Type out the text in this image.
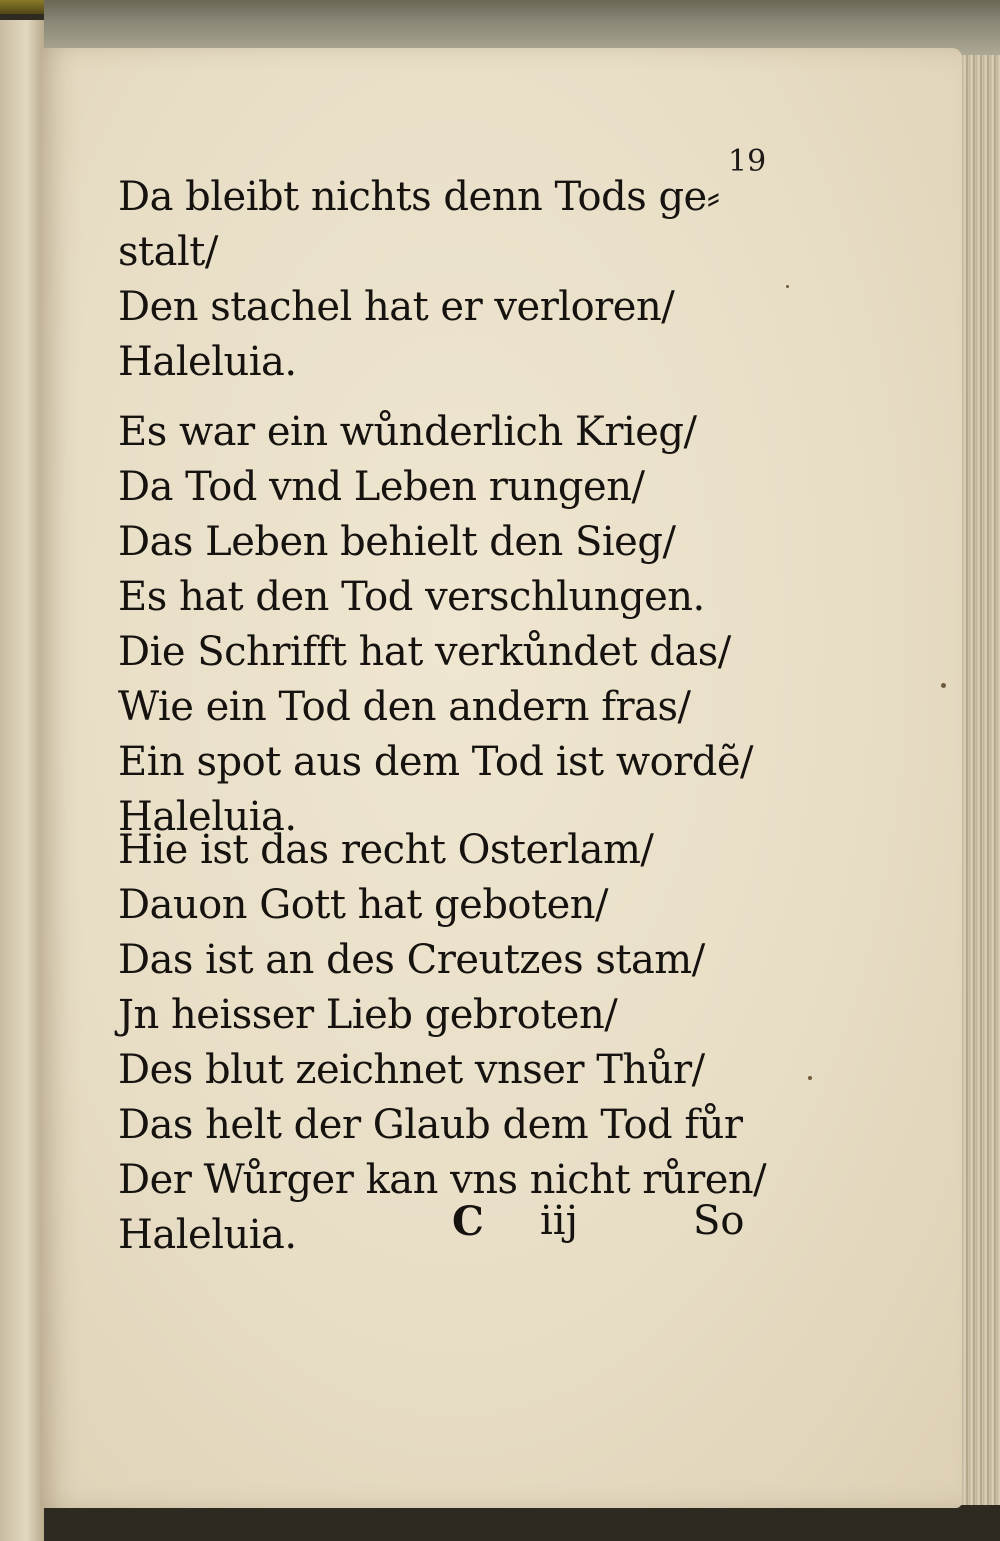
19
Da bleibt nichts denn Tods ge⸗
stalt/
Den stachel hat er verloren/
Haleluia.
Es war ein wůnderlich Krieg/
Da Tod vnd Leben rungen/
Das Leben behielt den Sieg/
Es hat den Tod verschlungen.
Die Schrifft hat verkůndet das/
Wie ein Tod den andern fras/
Ein spot aus dem Tod ist wordẽ/
Haleluia.
Hie ist das recht Osterlam/
Dauon Gott hat geboten/
Das ist an des Creutzes stam/
Jn heisser Lieb gebroten/
Des blut zeichnet vnser Thůr/
Das helt der Glaub dem Tod fůr
Der Wůrger kan vns nicht růren/
Haleluia.	C iij	So
